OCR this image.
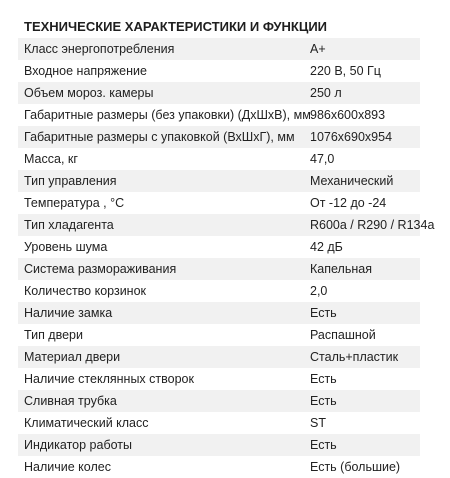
ТЕХНИЧЕСКИЕ ХАРАКТЕРИСТИКИ И ФУНКЦИИ
Класс энергопотребления	A+
Входное напряжение	220 В, 50 Гц
Объем мороз. камеры	250 л
Габаритные размеры (без упаковки) (ДхШхВ), мм	986x600x893
Габаритные размеры с упаковкой (ВхШхГ), мм	1076x690x954
Масса, кг	47,0
Тип управления	Механический
Температура , °C	От -12 до -24
Тип хладагента	R600a / R290 / R134a
Уровень шума	42 дБ
Система размораживания	Капельная
Количество корзинок	2,0
Наличие замка	Есть
Тип двери	Распашной
Материал двери	Сталь+пластик
Наличие стеклянных створок	Есть
Сливная трубка	Есть
Климатический класс	ST
Индикатор работы	Есть
Наличие колес	Есть (большие)
